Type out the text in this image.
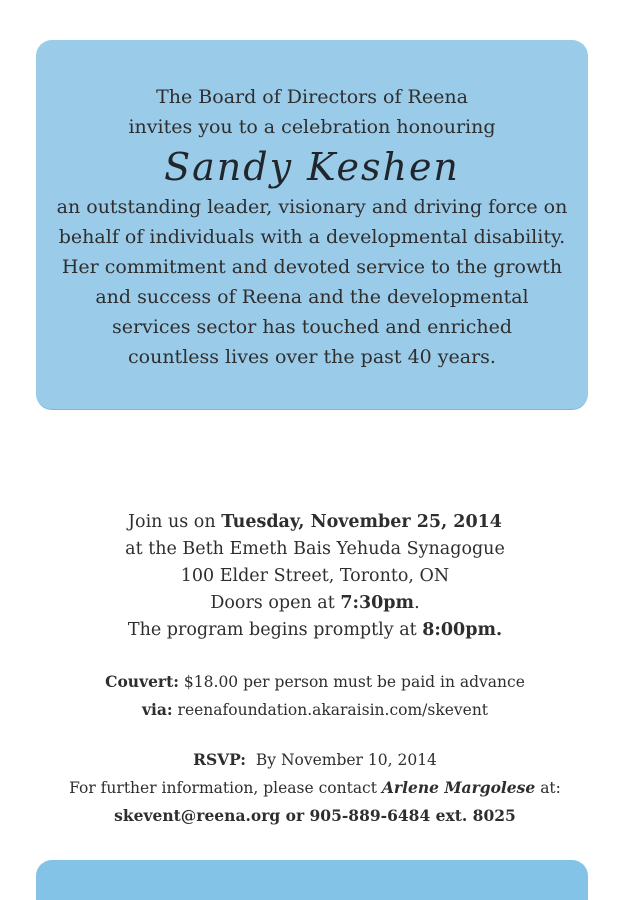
The Board of Directors of Reena

invites you to a celebration honouring

Sandy Keshen

an outstanding leader, visionary and driving force on

behalf of individuals with a developmental disability.

Her commitment and devoted service to the growth

and success of Reena and the developmental

services sector has touched and enriched

countless lives over the past 40 years.

Join us on Tuesday, November 25, 2014

at the Beth Emeth Bais Yehuda Synagogue

100 Elder Street, Toronto, ON

Doors open at 7:30pm.

The program begins promptly at 8:00pm.

Couvert: $18.00 per person must be paid in advance

via: reenafoundation.akaraisin.com/skevent

RSVP:  By November 10, 2014

For further information, please contact Arlene Margolese at:

skevent@reena.org or 905-889-6484 ext. 8025
